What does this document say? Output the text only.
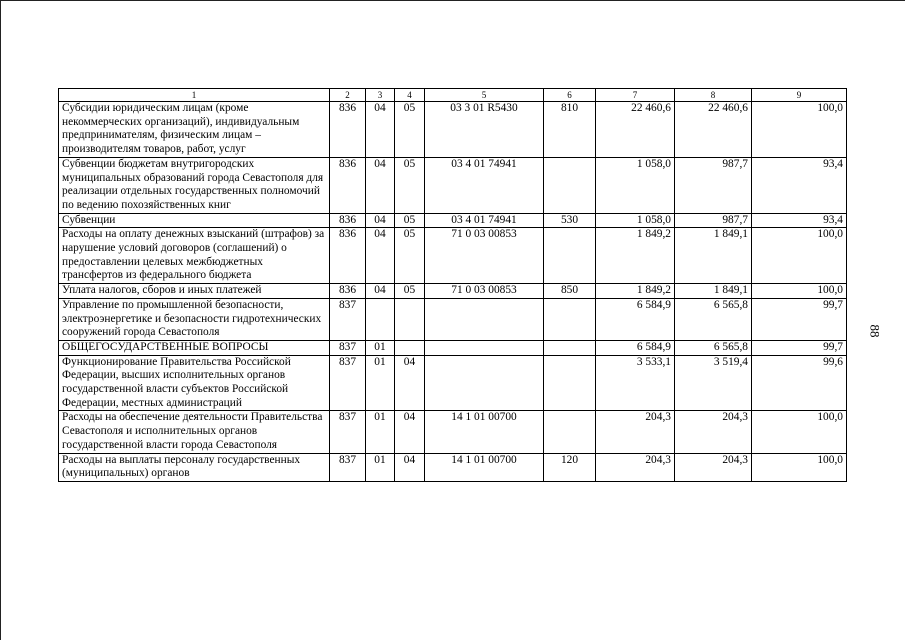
1	2	3	4	5	6	7	8	9
Субсидии юридическим лицам (кроме некоммерческих организаций), индивидуальным предпринимателям, физическим лицам – производителям товаров, работ, услуг	836	04	05	03 3 01 R5430	810	22 460,6	22 460,6	100,0
Субвенции бюджетам внутригородских муниципальных образований города Севастополя для реализации отдельных государственных полномочий по ведению похозяйственных книг	836	04	05	03 4 01 74941		1 058,0	987,7	93,4
Субвенции	836	04	05	03 4 01 74941	530	1 058,0	987,7	93,4
Расходы на оплату денежных взысканий (штрафов) за нарушение условий договоров (соглашений) о предоставлении целевых межбюджетных трансфертов из федерального бюджета	836	04	05	71 0 03 00853		1 849,2	1 849,1	100,0
Уплата налогов, сборов и иных платежей	836	04	05	71 0 03 00853	850	1 849,2	1 849,1	100,0
Управление по промышленной безопасности, электроэнергетике и безопасности гидротехнических сооружений города Севастополя	837					6 584,9	6 565,8	99,7
ОБЩЕГОСУДАРСТВЕННЫЕ ВОПРОСЫ	837	01				6 584,9	6 565,8	99,7
Функционирование Правительства Российской Федерации, высших исполнительных органов государственной власти субъектов Российской Федерации, местных администраций	837	01	04			3 533,1	3 519,4	99,6
Расходы на обеспечение деятельности Правительства Севастополя и исполнительных органов государственной власти города Севастополя	837	01	04	14 1 01 00700		204,3	204,3	100,0
Расходы на выплаты персоналу государственных (муниципальных) органов	837	01	04	14 1 01 00700	120	204,3	204,3	100,0
88
